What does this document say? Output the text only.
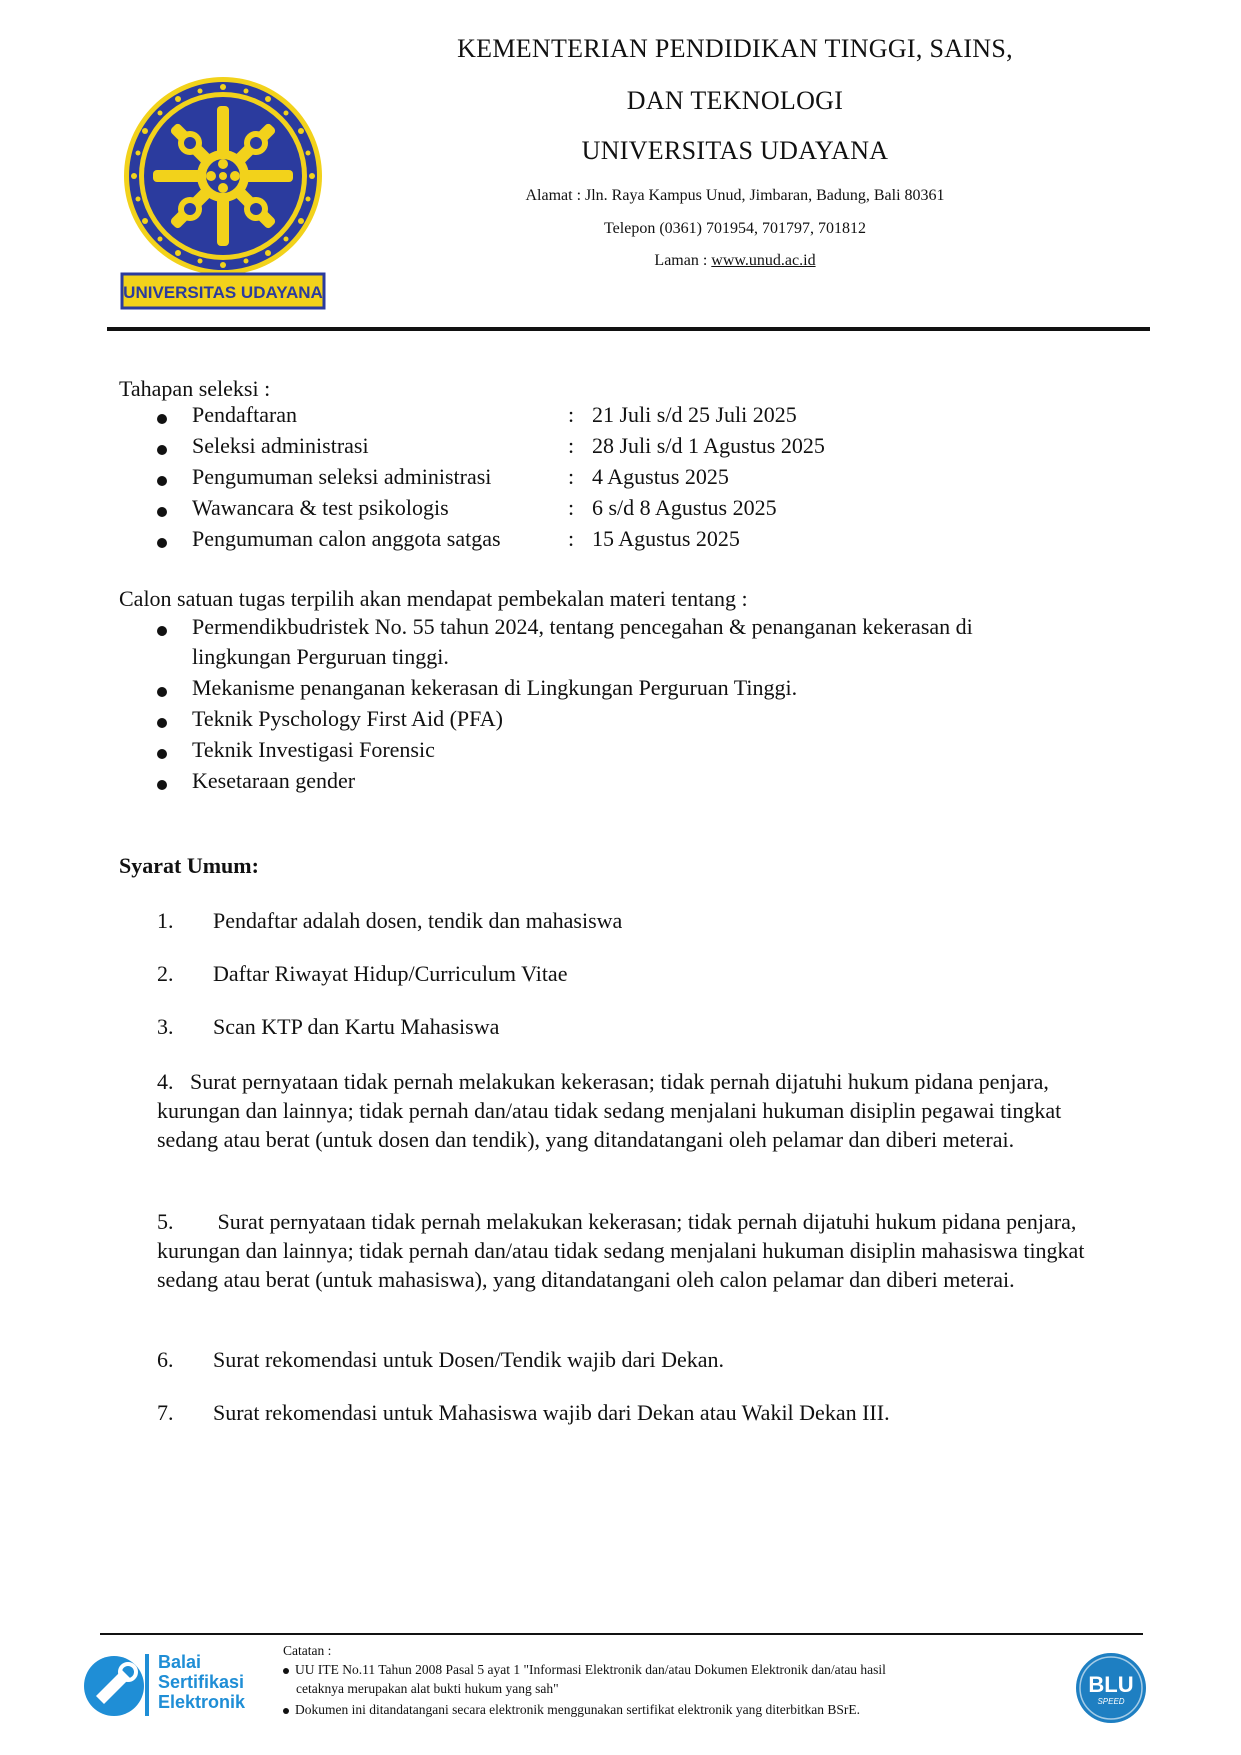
UNIVERSITAS UDAYANA
KEMENTERIAN PENDIDIKAN TINGGI, SAINS,
DAN TEKNOLOGI
UNIVERSITAS UDAYANA
Alamat : Jln. Raya Kampus Unud, Jimbaran, Badung, Bali 80361
Telepon (0361) 701954, 701797, 701812
Laman : www.unud.ac.id
Tahapan seleksi :
Pendaftaran	: 21 Juli s/d 25 Juli 2025
Seleksi administrasi	: 28 Juli s/d 1 Agustus 2025
Pengumuman seleksi administrasi	: 4 Agustus 2025
Wawancara & test psikologis	: 6 s/d 8 Agustus 2025
Pengumuman calon anggota satgas	: 15 Agustus 2025
Calon satuan tugas terpilih akan mendapat pembekalan materi tentang :
Permendikbudristek No. 55 tahun 2024, tentang pencegahan & penanganan kekerasan di
lingkungan Perguruan tinggi.
Mekanisme penanganan kekerasan di Lingkungan Perguruan Tinggi.
Teknik Pyschology First Aid (PFA)
Teknik Investigasi Forensic
Kesetaraan gender
Syarat Umum:
1. Pendaftar adalah dosen, tendik dan mahasiswa
2. Daftar Riwayat Hidup/Curriculum Vitae
3. Scan KTP dan Kartu Mahasiswa
4.   Surat pernyataan tidak pernah melakukan kekerasan; tidak pernah dijatuhi hukum pidana penjara, kurungan dan lainnya; tidak pernah dan/atau tidak sedang menjalani hukuman disiplin pegawai tingkat sedang atau berat (untuk dosen dan tendik), yang ditandatangani oleh pelamar dan diberi meterai.
5.        Surat pernyataan tidak pernah melakukan kekerasan; tidak pernah dijatuhi hukum pidana penjara, kurungan dan lainnya; tidak pernah dan/atau tidak sedang menjalani hukuman disiplin mahasiswa tingkat sedang atau berat (untuk mahasiswa), yang ditandatangani oleh calon pelamar dan diberi meterai.
6. Surat rekomendasi untuk Dosen/Tendik wajib dari Dekan.
7. Surat rekomendasi untuk Mahasiswa wajib dari Dekan atau Wakil Dekan III.
Balai
Sertifikasi
Elektronik
Catatan :
UU ITE No.11 Tahun 2008 Pasal 5 ayat 1 "Informasi Elektronik dan/atau Dokumen Elektronik dan/atau hasil
cetaknya merupakan alat bukti hukum yang sah"
Dokumen ini ditandatangani secara elektronik menggunakan sertifikat elektronik yang diterbitkan BSrE.
BLU
SPEED
